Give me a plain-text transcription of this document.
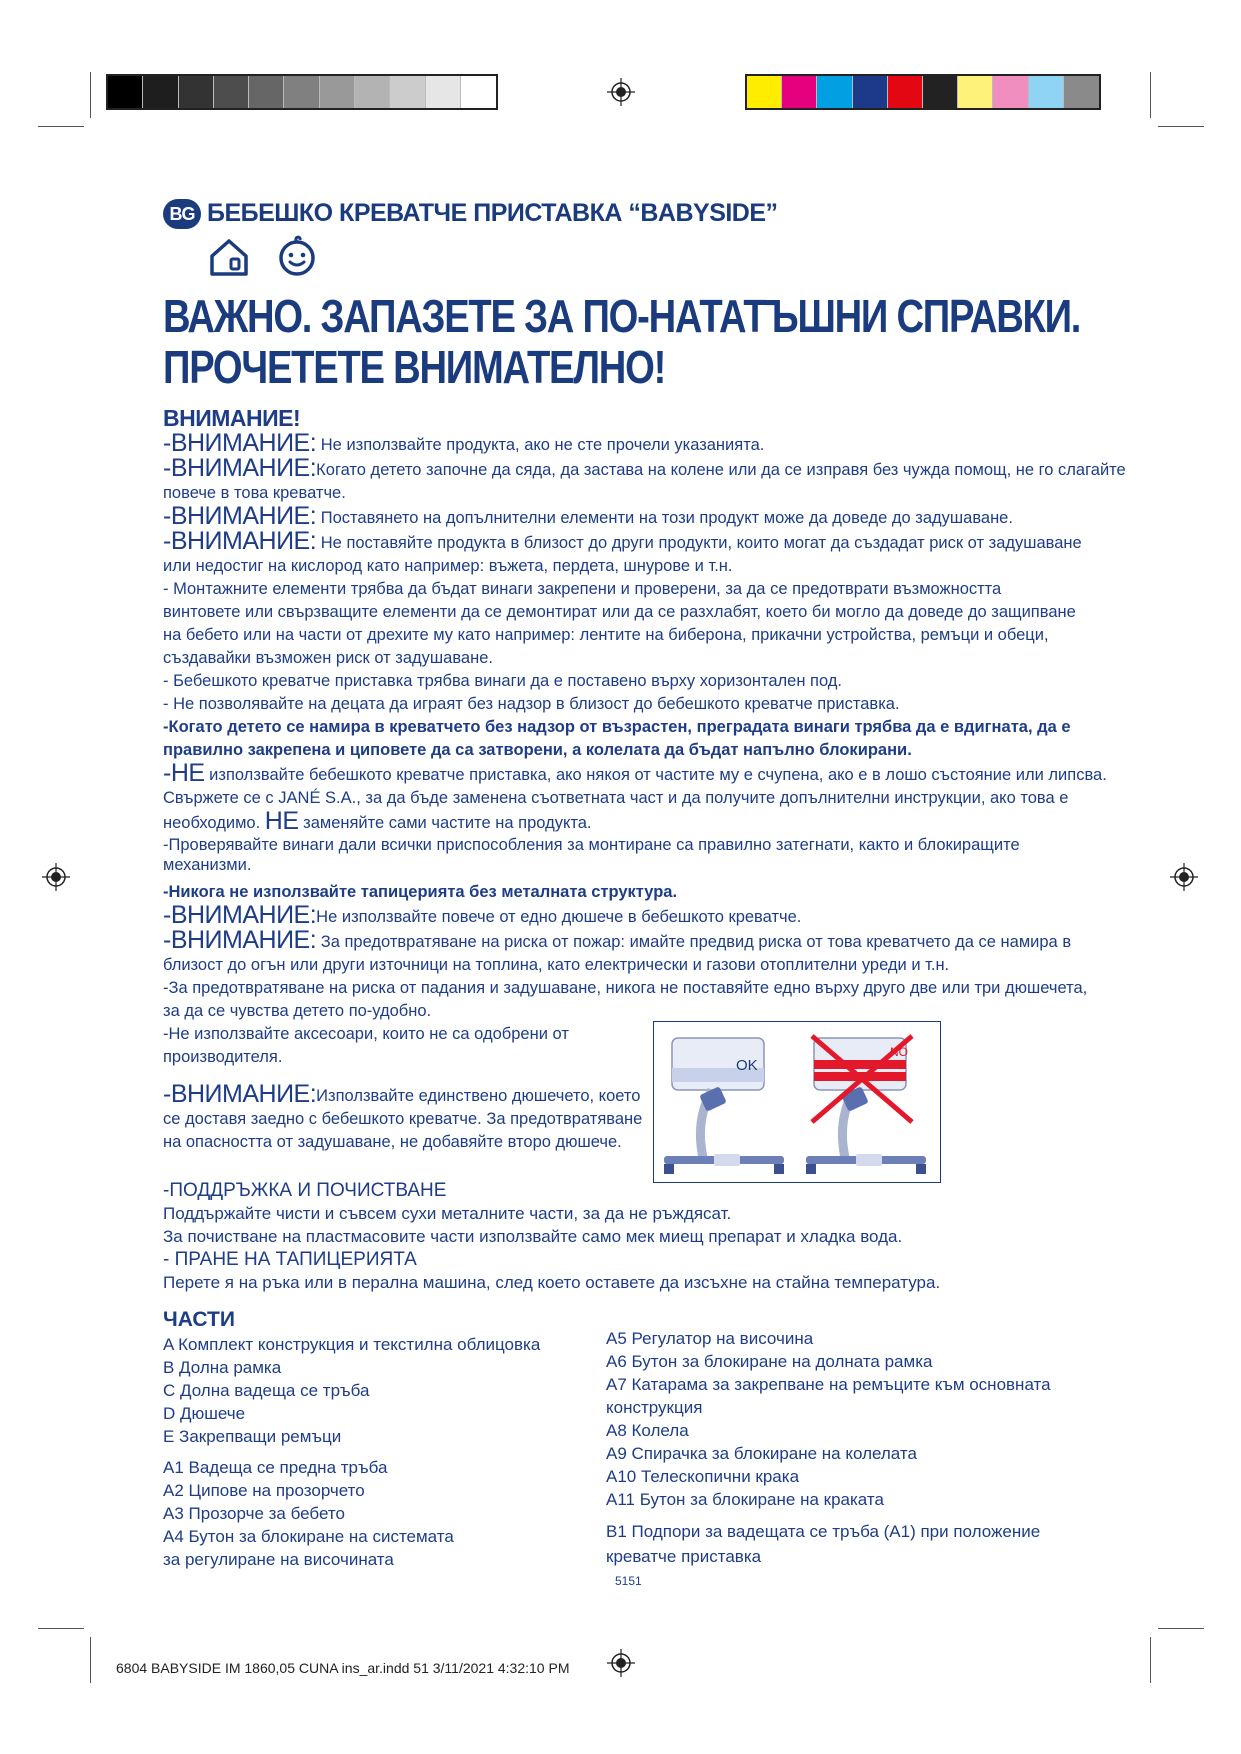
BG БЕБЕШКО КРЕВАТЧЕ ПРИСТАВКА “BABYSIDE”
ВАЖНО. ЗАПАЗЕТЕ ЗА ПО-НАТАТЪШНИ СПРАВКИ.
ПРОЧЕТЕТЕ ВНИМАТЕЛНО!
ВНИМАНИЕ!
-ВНИМАНИЕ: Не използвайте продукта, ако не сте прочели указанията.
-ВНИМАНИЕ:Когато детето започне да сяда, да застава на колене или да се изправя без чужда помощ, не го слагайте
повече в това креватче.
-ВНИМАНИЕ: Поставянето на допълнителни елементи на този продукт може да доведе до задушаване.
-ВНИМАНИЕ: Не поставяйте продукта в близост до други продукти, които могат да създадат риск от задушаване
или недостиг на кислород като например: въжета, пердета, шнурове и т.н.
- Монтажните елементи трябва да бъдат винаги закрепени и проверени, за да се предотврати възможността
винтовете или свързващите елементи да се демонтират или да се разхлабят, което би могло да доведе до защипване
на бебето или на части от дрехите му като например: лентите на биберона, прикачни устройства, ремъци и обеци,
създавайки възможен риск от задушаване.
- Бебешкото креватче приставка трябва винаги да е поставено върху хоризонтален под.
- Не позволявайте на децата да играят без надзор в близост до бебешкото креватче приставка.
-Когато детето се намира в креватчето без надзор от възрастен, преградата винаги трябва да е вдигната, да е
правилно закрепена и циповете да са затворени, а колелата да бъдат напълно блокирани.
-НЕ използвайте бебешкото креватче приставка, ако някоя от частите му е счупена, ако е в лошо състояние или липсва.
Свържете се с JANÉ S.A., за да бъде заменена съответната част и да получите допълнителни инструкции, ако това е
необходимо. НЕ заменяйте сами частите на продукта.
-Проверявайте винаги дали всички приспособления за монтиране са правилно затегнати, както и блокиращите
механизми.
-Никога не използвайте тапицерията без металната структура.
-ВНИМАНИЕ:Не използвайте повече от едно дюшече в бебешкото креватче.
-ВНИМАНИЕ: За предотвратяване на риска от пожар: имайте предвид риска от това креватчето да се намира в
близост до огън или други източници на топлина, като електрически и газови отоплителни уреди и т.н.
-За предотвратяване на риска от падания и задушаване, никога не поставяйте едно върху друго две или три дюшечета,
за да се чувства детето по-удобно.
-Не използвайте аксесоари, които не са одобрени от
производителя.
-ВНИМАНИЕ:Използвайте единствено дюшечето, което
се доставя заедно с бебешкото креватче. За предотвратяване
на опасността от задушаване, не добавяйте второ дюшече.
OK
NO
-ПОДДРЪЖКА И ПОЧИСТВАНЕ
Поддържайте чисти и съвсем сухи металните части, за да не ръждясат.
За почистване на пластмасовите части използвайте само мек миещ препарат и хладка вода.
- ПРАНЕ НА ТАПИЦЕРИЯТА
Перете я на ръка или в перална машина, след което оставете да изсъхне на стайна температура.
ЧАСТИ
A Комплект конструкция и текстилна облицовка
B Долна рамка
C Долна вадеща се тръба
D Дюшече
E Закрепващи ремъци
A1 Вадеща се предна тръба
A2 Ципове на прозорчето
A3 Прозорче за бебето
A4 Бутон за блокиране на системата
за регулиране на височината
A5 Регулатор на височина
A6 Бутон за блокиране на долната рамка
A7 Катарама за закрепване на ремъците към основната
конструкция
A8 Колела
A9 Спирачка за блокиране на колелата
A10 Телескопични крака
A11 Бутон за блокиране на краката
B1 Подпори за вадещата се тръба (A1) при положение
креватче приставка
5151
6804 BABYSIDE IM 1860,05 CUNA ins_ar.indd 51 3/11/2021 4:32:10 PM
